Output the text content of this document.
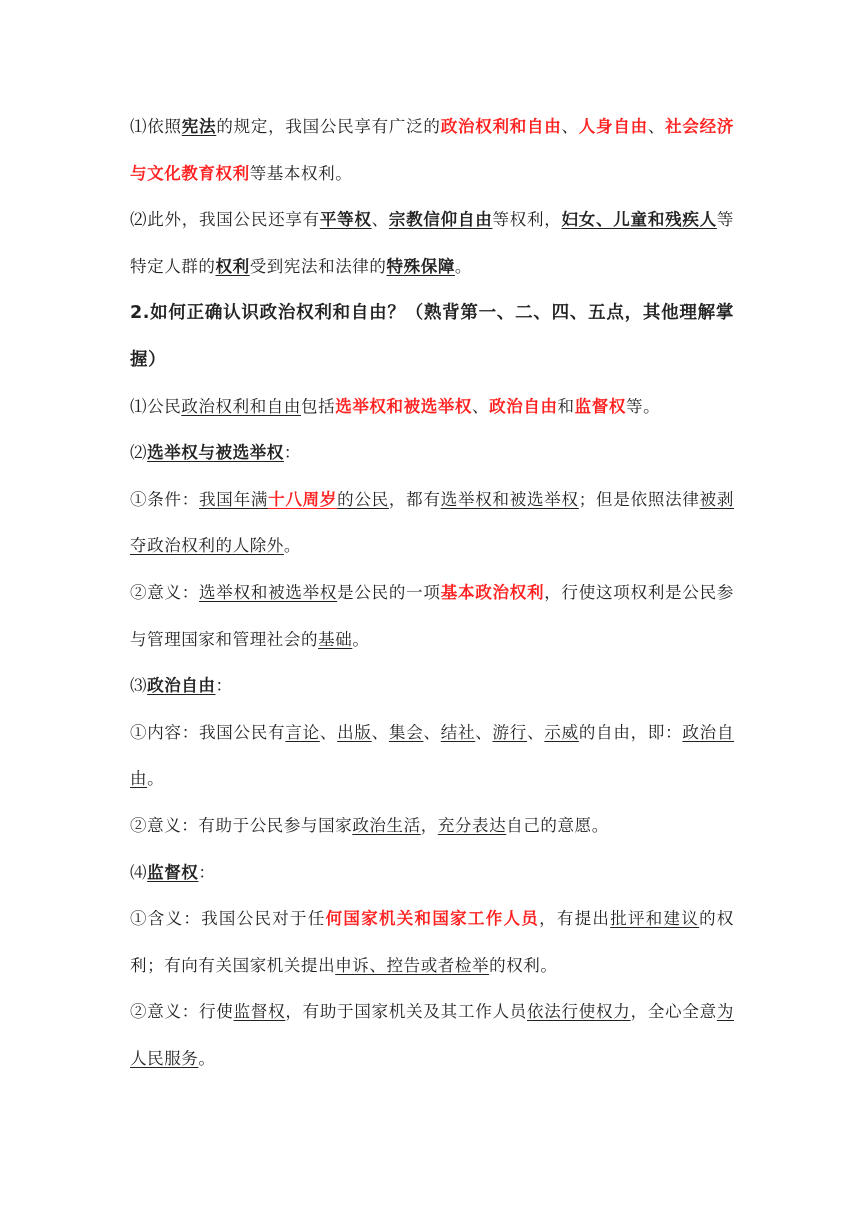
⑴依照宪法的规定，我国公民享有广泛的政治权利和自由、人身自由、社会经济与文化教育权利等基本权利。

⑵此外，我国公民还享有平等权、宗教信仰自由等权利，妇女、儿童和残疾人等特定人群的权利受到宪法和法律的特殊保障。

2.如何正确认识政治权利和自由？（熟背第一、二、四、五点，其他理解掌握）

⑴公民政治权利和自由包括选举权和被选举权、政治自由和监督权等。

⑵选举权与被选举权：

①条件：我国年满十八周岁的公民，都有选举权和被选举权；但是依照法律被剥夺政治权利的人除外。

②意义：选举权和被选举权是公民的一项基本政治权利，行使这项权利是公民参与管理国家和管理社会的基础。

⑶政治自由：

①内容：我国公民有言论、出版、集会、结社、游行、示威的自由，即：政治自由。

②意义：有助于公民参与国家政治生活，充分表达自己的意愿。

⑷监督权：

①含义：我国公民对于任何国家机关和国家工作人员，有提出批评和建议的权利；有向有关国家机关提出申诉、控告或者检举的权利。

②意义：行使监督权，有助于国家机关及其工作人员依法行使权力，全心全意为人民服务。
